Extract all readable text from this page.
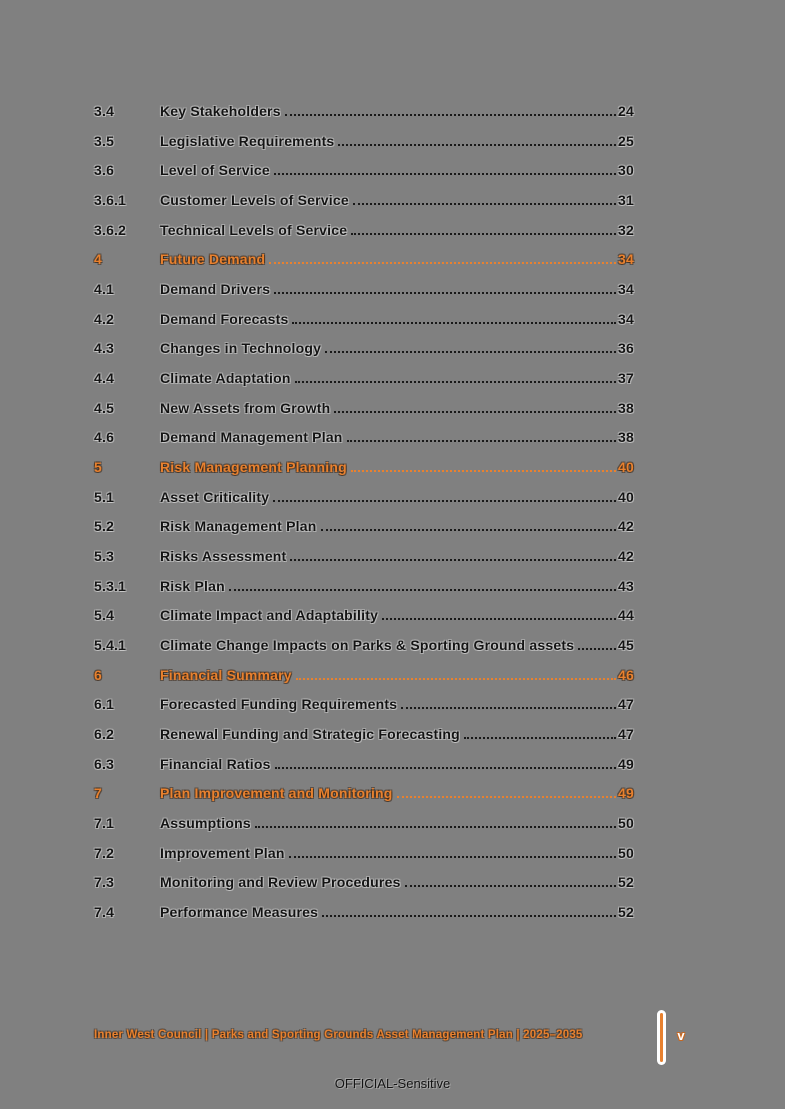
3.4	Key Stakeholders	24
3.5	Legislative Requirements	25
3.6	Level of Service	30
3.6.1	Customer Levels of Service	31
3.6.2	Technical Levels of Service	32
4	Future Demand	34
4.1	Demand Drivers	34
4.2	Demand Forecasts	34
4.3	Changes in Technology	36
4.4	Climate Adaptation	37
4.5	New Assets from Growth	38
4.6	Demand Management Plan	38
5	Risk Management Planning	40
5.1	Asset Criticality	40
5.2	Risk Management Plan	42
5.3	Risks Assessment	42
5.3.1	Risk Plan	43
5.4	Climate Impact and Adaptability	44
5.4.1	Climate Change Impacts on Parks & Sporting Ground assets	45
6	Financial Summary	46
6.1	Forecasted Funding Requirements	47
6.2	Renewal Funding and Strategic Forecasting	47
6.3	Financial Ratios	49
7	Plan Improvement and Monitoring	49
7.1	Assumptions	50
7.2	Improvement Plan	50
7.3	Monitoring and Review Procedures	52
7.4	Performance Measures	52
Inner West Council | Parks and Sporting Grounds Asset Management Plan | 2025–2035	v
OFFICIAL-Sensitive
